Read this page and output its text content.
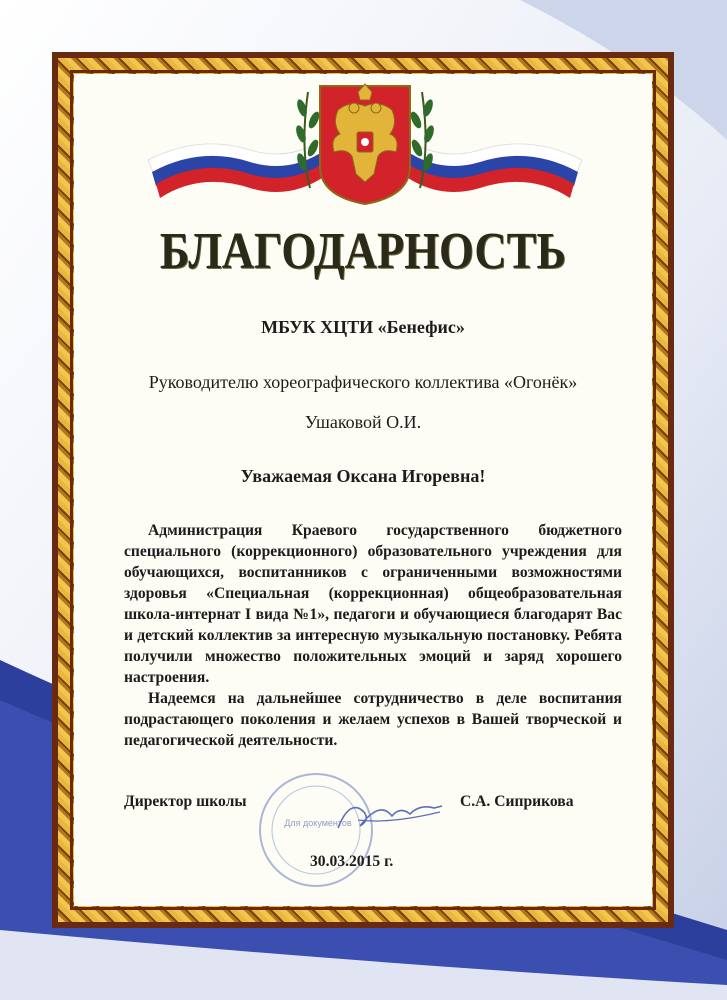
БЛАГОДАРНОСТЬ
МБУК ХЦТИ «Бенефис»
Руководителю хореографического коллектива «Огонёк»
Ушаковой О.И.
Уважаемая Оксана Игоревна!

Администрация Краевого государственного бюджетного специального (коррекционного) образовательного учреждения для обучающихся, воспитанников с ограниченными возможностями здоровья «Специальная (коррекционная) общеобразовательная школа-интернат I вида №1», педагоги и обучающиеся благодарят Вас и детский коллектив за интересную музыкальную постановку. Ребята получили множество положительных эмоций и заряд хорошего настроения.

Надеемся на дальнейшее сотрудничество в деле воспитания подрастающего поколения и желаем успехов в Вашей творческой и педагогической деятельности.

Для документов
Директор школы	С.А. Сиприкова
30.03.2015 г.
